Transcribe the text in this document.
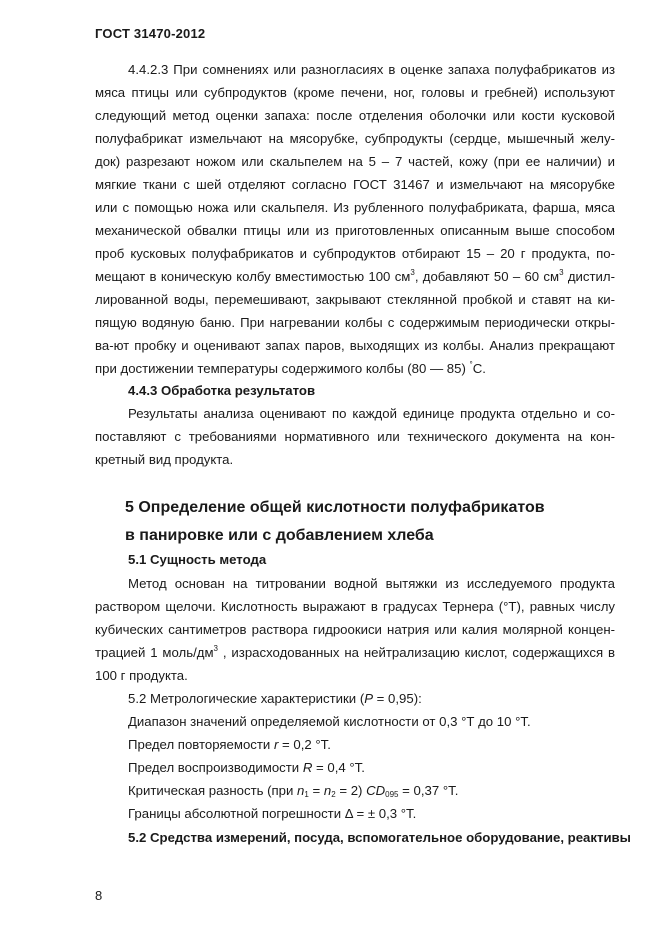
ГОСТ 31470-2012
4.4.2.3 При сомнениях или разногласиях в оценке запаха полуфабрикатов из
мяса птицы или субпродуктов (кроме печени, ног, головы и гребней) используют
следующий метод оценки запаха: после отделения оболочки или кости кусковой
полуфабрикат измельчают на мясорубке, субпродукты (сердце, мышечный желу-
док) разрезают ножом или скальпелем на 5 – 7 частей, кожу (при ее наличии) и
мягкие ткани с шей отделяют согласно ГОСТ 31467 и измельчают на мясорубке
или с помощью ножа или скальпеля. Из рубленного полуфабриката, фарша, мяса
механической обвалки птицы или из приготовленных описанным выше способом
проб кусковых полуфабрикатов и субпродуктов отбирают 15 – 20 г продукта, по-
мещают в коническую колбу вместимостью 100 $см^3$, добавляют 50 – 60 $см^3$ дистил-
лированной воды, перемешивают, закрывают стеклянной пробкой и ставят на ки-
пящую водяную баню. При нагревании колбы с содержимым периодически откры-
ва-ют пробку и оценивают запах паров, выходящих из колбы. Анализ прекращают
при достижении температуры содержимого колбы (80 — 85) °С.
4.4.3 Обработка результатов
Результаты анализа оценивают по каждой единице продукта отдельно и со-
поставляют с требованиями нормативного или технического документа на кон-
кретный вид продукта.
5 Определение общей кислотности полуфабрикатов
в панировке или с добавлением хлеба
5.1 Сущность метода
Метод основан на титровании водной вытяжки из исследуемого продукта
раствором щелочи. Кислотность выражают в градусах Тернера (°Т), равных числу
кубических сантиметров раствора гидроокиси натрия или калия молярной концен-
трацией 1 моль/$дм^3$ , израсходованных на нейтрализацию кислот, содержащихся в
100 г продукта.
5.2 Метрологические характеристики (Р = 0,95):
Диапазон значений определяемой кислотности от 0,3 °Т до 10 °Т.
Предел повторяемости r = 0,2 °Т.
Предел воспроизводимости R = 0,4 °Т.
Критическая разность (при $n_1 = n_2 = 2$) $CD_{095} = 0,37$ °Т.
Границы абсолютной погрешности Δ = ± 0,3 °Т.
5.2 Средства измерений, посуда, вспомогательное оборудование, реактивы
8
